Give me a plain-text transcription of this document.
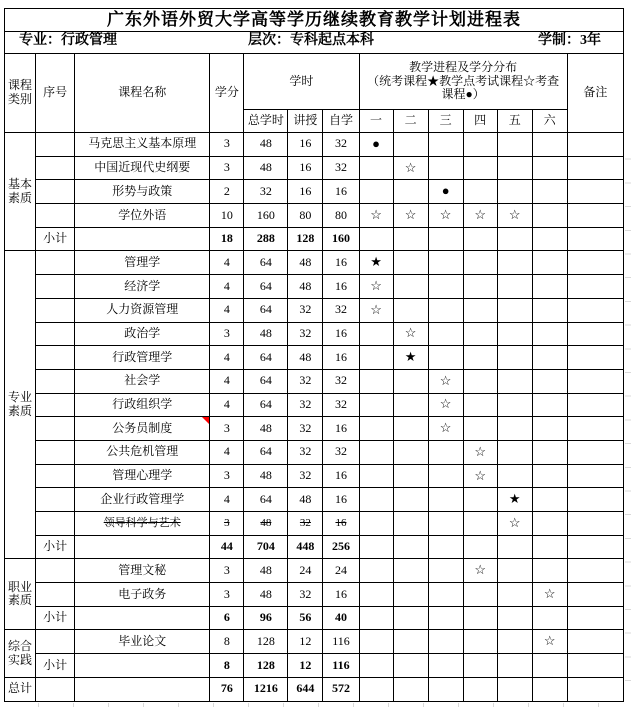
广东外语外贸大学高等学历继续教育教学计划进程表													

专业：行政管理 层次：专科起点本科 学制：3年													

课程类别	序号	课程名称	学分	学时			教学进程及学分分布
（统考课程★教学点考试课程☆考查课程●）						备注
				总学时	讲授	自学	一	二	三	四	五	六	
基本素质		马克思主义基本原理	3	48	16	32	●						
		中国近现代史纲要	3	48	16	32		☆					
		形势与政策	2	32	16	16			●				
		学位外语	10	160	80	80	☆	☆	☆	☆	☆		
	小计		18	288	128	160							
专业素质		管理学	4	64	48	16	★						
		经济学	4	64	48	16	☆						
		人力资源管理	4	64	32	32	☆						
		政治学	3	48	32	16		☆					
		行政管理学	4	64	48	16		★					
		社会学	4	64	32	32			☆				
		行政组织学	4	64	32	32			☆				
		公务员制度	3	48	32	16			☆				
		公共危机管理	4	64	32	32				☆			
		管理心理学	3	48	32	16				☆			
		企业行政管理学	4	64	48	16					★		
		领导科学与艺术	3	48	32	16					☆		
	小计		44	704	448	256							
职业素质		管理文秘	3	48	24	24				☆			
		电子政务	3	48	32	16						☆	
	小计		6	96	56	40							
综合实践		毕业论文	8	128	12	116						☆	
	小计		8	128	12	116							
总计			76	1216	644	572							
